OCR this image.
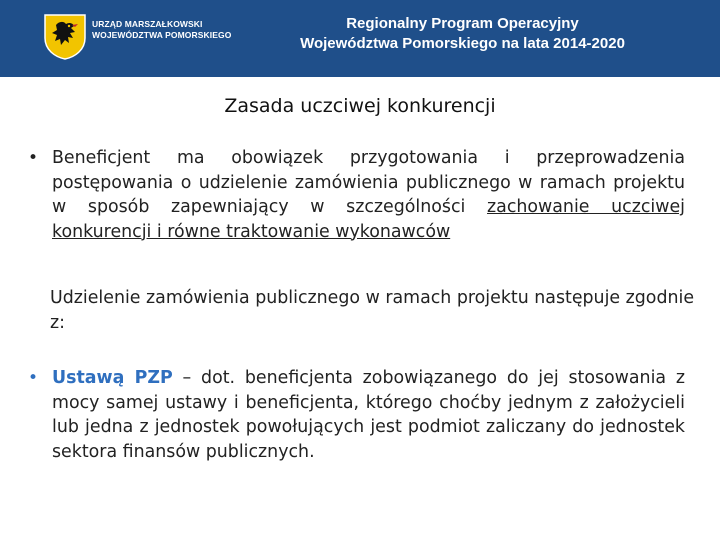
URZĄD MARSZAŁKOWSKI
WOJEWÓDZTWA POMORSKIEGO
Regionalny Program Operacyjny
Województwa Pomorskiego na lata 2014-2020
Zasada uczciwej konkurencji
• Beneficjent ma obowiązek przygotowania i przeprowadzenia postępowania o udzielenie zamówienia publicznego w ramach projektu w sposób zapewniający w szczególności zachowanie uczciwej konkurencji i równe traktowanie wykonawców
Udzielenie zamówienia publicznego w ramach projektu następuje zgodnie z:
• Ustawą PZP – dot. beneficjenta zobowiązanego do jej stosowania z mocy samej ustawy i beneficjenta, którego choćby jednym z założycieli lub jedna z jednostek powołujących jest podmiot zaliczany do jednostek sektora finansów publicznych.
